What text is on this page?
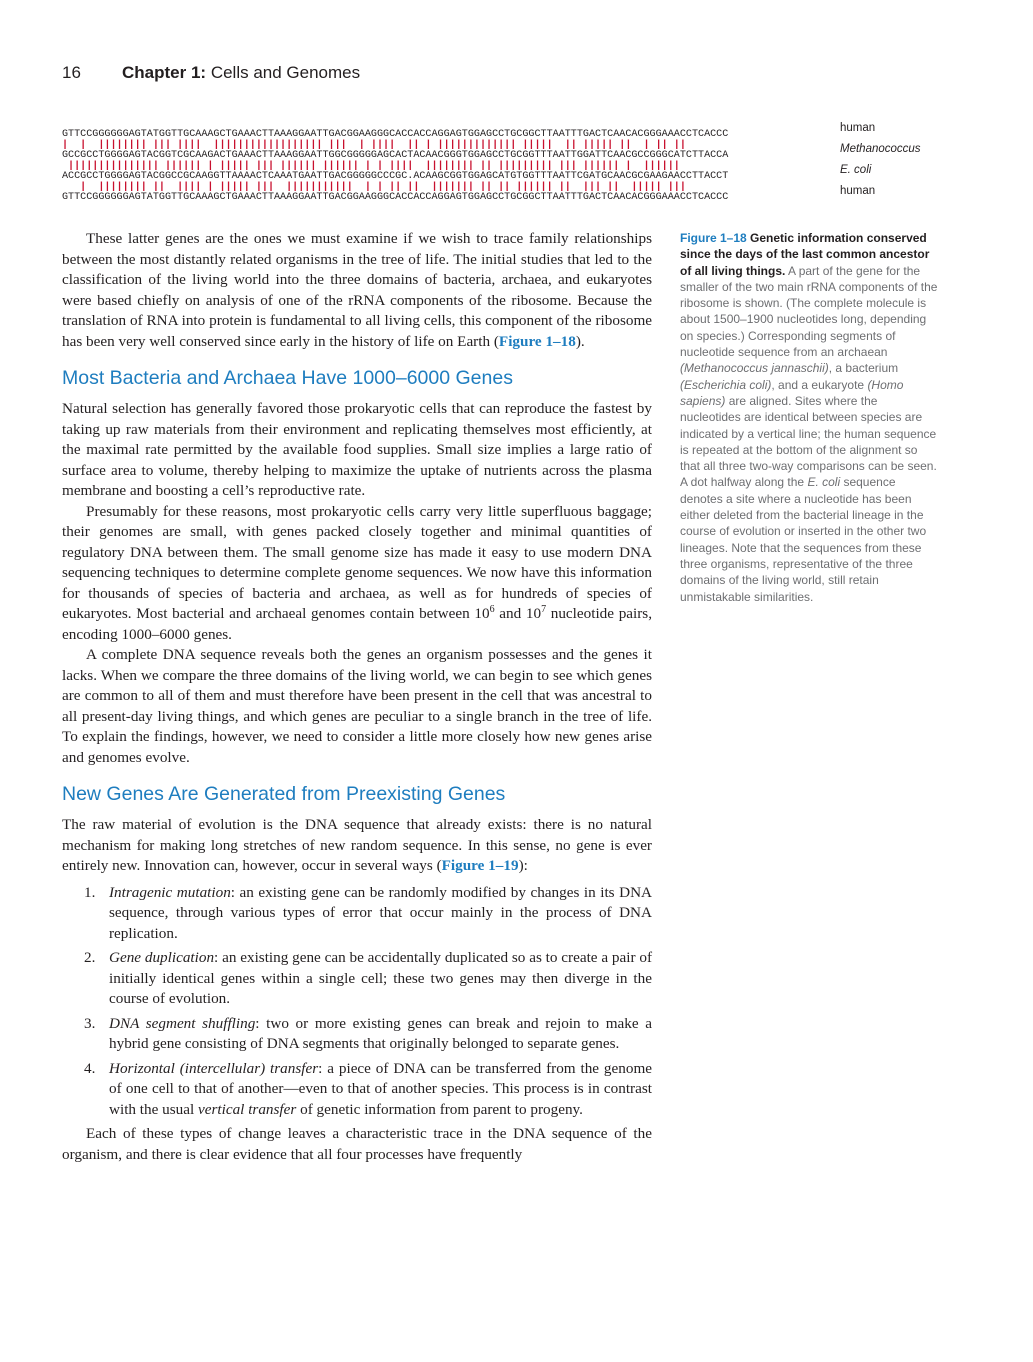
16 Chapter 1: Cells and Genomes
GTTCCGGGGGGAGTATGGTTGCAAAGCTGAAACTTAAAGGAATTGACGGAAGGGCACCACCAGGAGTGGAGCCTGCGGCTTAATTTGACTCAACACGGGAAACCTCACCC
human
|  |  |||||||| ||| ||||  |||||||||||||||||| |||  | ||||  || | ||||||||||||| |||||  || ||||| ||  | || ||
GCCGCCTGGGGAGTACGGTCGCAAGACTGAAACTTAAAGGAATTGGCGGGGGAGCACTACAACGGGTGGAGCCTGCGGTTTAATTGGATTCAACGCCGGGCATCTTACCA
Methanococcus
||||||||||||||| |||||| | ||||| ||| |||||| |||||| | | ||||  |||||||| || ||||||||| ||| |||||| |  ||||||
ACCGCCTGGGGAGTACGGCCGCAAGGTTAAAACTCAAATGAATTGACGGGGGCCCGC.ACAAGCGGTGGAGCATGTGGTTTAATTCGATGCAACGCGAAGAACCTTACCT
E. coli
|  |||||||| ||  |||| | ||||| |||  |||||||||||  | | || ||  ||||||| || || |||||| ||  ||| ||  ||||| |||
GTTCCGGGGGGAGTATGGTTGCAAAGCTGAAACTTAAAGGAATTGACGGAAGGGCACCACCAGGAGTGGAGCCTGCGGCTTAATTTGACTCAACACGGGAAACCTCACCC
human

These latter genes are the ones we must examine if we wish to trace family relationships between the most distantly related organisms in the tree of life. The initial studies that led to the classification of the living world into the three domains of bacteria, archaea, and eukaryotes were based chiefly on analysis of one of the rRNA components of the ribosome. Because the translation of RNA into protein is fundamental to all living cells, this component of the ribosome has been very well conserved since early in the history of life on Earth (Figure 1–18).

Most Bacteria and Archaea Have 1000–6000 Genes

Natural selection has generally favored those prokaryotic cells that can reproduce the fastest by taking up raw materials from their environment and replicating themselves most efficiently, at the maximal rate permitted by the available food supplies. Small size implies a large ratio of surface area to volume, thereby helping to maximize the uptake of nutrients across the plasma membrane and boosting a cell’s reproductive rate.

Presumably for these reasons, most prokaryotic cells carry very little superfluous baggage; their genomes are small, with genes packed closely together and minimal quantities of regulatory DNA between them. The small genome size has made it easy to use modern DNA sequencing techniques to determine complete genome sequences. We now have this information for thousands of species of bacteria and archaea, as well as for hundreds of species of eukaryotes. Most bacterial and archaeal genomes contain between $10^6$ and $10^7$ nucleotide pairs, encoding 1000–6000 genes.

A complete DNA sequence reveals both the genes an organism possesses and the genes it lacks. When we compare the three domains of the living world, we can begin to see which genes are common to all of them and must therefore have been present in the cell that was ancestral to all present-day living things, and which genes are peculiar to a single branch in the tree of life. To explain the findings, however, we need to consider a little more closely how new genes arise and genomes evolve.

New Genes Are Generated from Preexisting Genes

The raw material of evolution is the DNA sequence that already exists: there is no natural mechanism for making long stretches of new random sequence. In this sense, no gene is ever entirely new. Innovation can, however, occur in several ways (Figure 1–19):

1. Intragenic mutation: an existing gene can be randomly modified by changes in its DNA sequence, through various types of error that occur mainly in the process of DNA replication.
2. Gene duplication: an existing gene can be accidentally duplicated so as to create a pair of initially identical genes within a single cell; these two genes may then diverge in the course of evolution.
3. DNA segment shuffling: two or more existing genes can break and rejoin to make a hybrid gene consisting of DNA segments that originally belonged to separate genes.
4. Horizontal (intercellular) transfer: a piece of DNA can be transferred from the genome of one cell to that of another—even to that of another species. This process is in contrast with the usual vertical transfer of genetic information from parent to progeny.

Each of these types of change leaves a characteristic trace in the DNA sequence of the organism, and there is clear evidence that all four processes have frequently

Figure 1–18 Genetic information conserved since the days of the last common ancestor of all living things. A part of the gene for the smaller of the two main rRNA components of the ribosome is shown. (The complete molecule is about 1500–1900 nucleotides long, depending on species.) Corresponding segments of nucleotide sequence from an archaean (Methanococcus jannaschii), a bacterium (Escherichia coli), and a eukaryote (Homo sapiens) are aligned. Sites where the nucleotides are identical between species are indicated by a vertical line; the human sequence is repeated at the bottom of the alignment so that all three two-way comparisons can be seen. A dot halfway along the E. coli sequence denotes a site where a nucleotide has been either deleted from the bacterial lineage in the course of evolution or inserted in the other two lineages. Note that the sequences from these three organisms, representative of the three domains of the living world, still retain unmistakable similarities.
